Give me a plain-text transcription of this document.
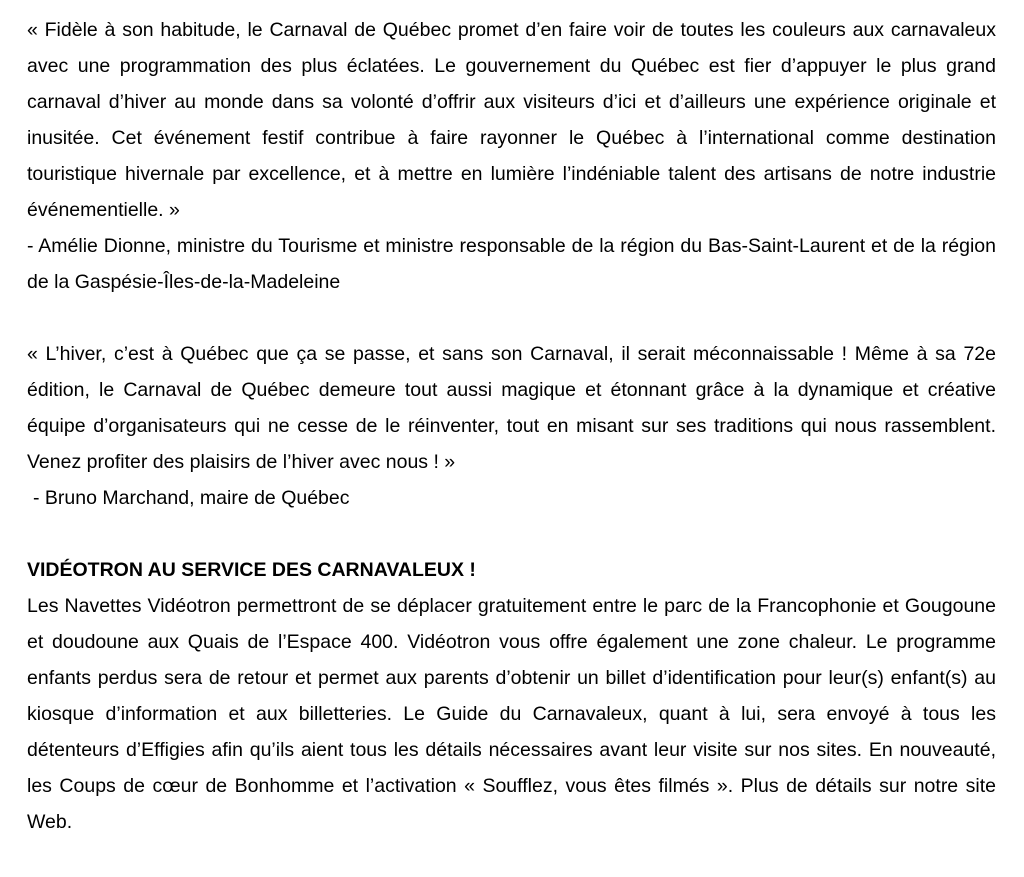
« Fidèle à son habitude, le Carnaval de Québec promet d’en faire voir de toutes les couleurs aux carnavaleux avec une programmation des plus éclatées. Le gouvernement du Québec est fier d’appuyer le plus grand carnaval d’hiver au monde dans sa volonté d’offrir aux visiteurs d’ici et d’ailleurs une expérience originale et inusitée. Cet événement festif contribue à faire rayonner le Québec à l’international comme destination touristique hivernale par excellence, et à mettre en lumière l’indéniable talent des artisans de notre industrie événementielle. »

- Amélie Dionne, ministre du Tourisme et ministre responsable de la région du Bas-Saint-Laurent et de la région de la Gaspésie-Îles-de-la-Madeleine

« L’hiver, c’est à Québec que ça se passe, et sans son Carnaval, il serait méconnaissable ! Même à sa 72e édition, le Carnaval de Québec demeure tout aussi magique et étonnant grâce à la dynamique et créative équipe d’organisateurs qui ne cesse de le réinventer, tout en misant sur ses traditions qui nous rassemblent. Venez profiter des plaisirs de l’hiver avec nous ! »

- Bruno Marchand, maire de Québec

VIDÉOTRON AU SERVICE DES CARNAVALEUX !

Les Navettes Vidéotron permettront de se déplacer gratuitement entre le parc de la Francophonie et Gougoune et doudoune aux Quais de l’Espace 400. Vidéotron vous offre également une zone chaleur. Le programme enfants perdus sera de retour et permet aux parents d’obtenir un billet d’identification pour leur(s) enfant(s) au kiosque d’information et aux billetteries. Le Guide du Carnavaleux, quant à lui, sera envoyé à tous les détenteurs d’Effigies afin qu’ils aient tous les détails nécessaires avant leur visite sur nos sites. En nouveauté, les Coups de cœur de Bonhomme et l’activation « Soufflez, vous êtes filmés ». Plus de détails sur notre site Web.
